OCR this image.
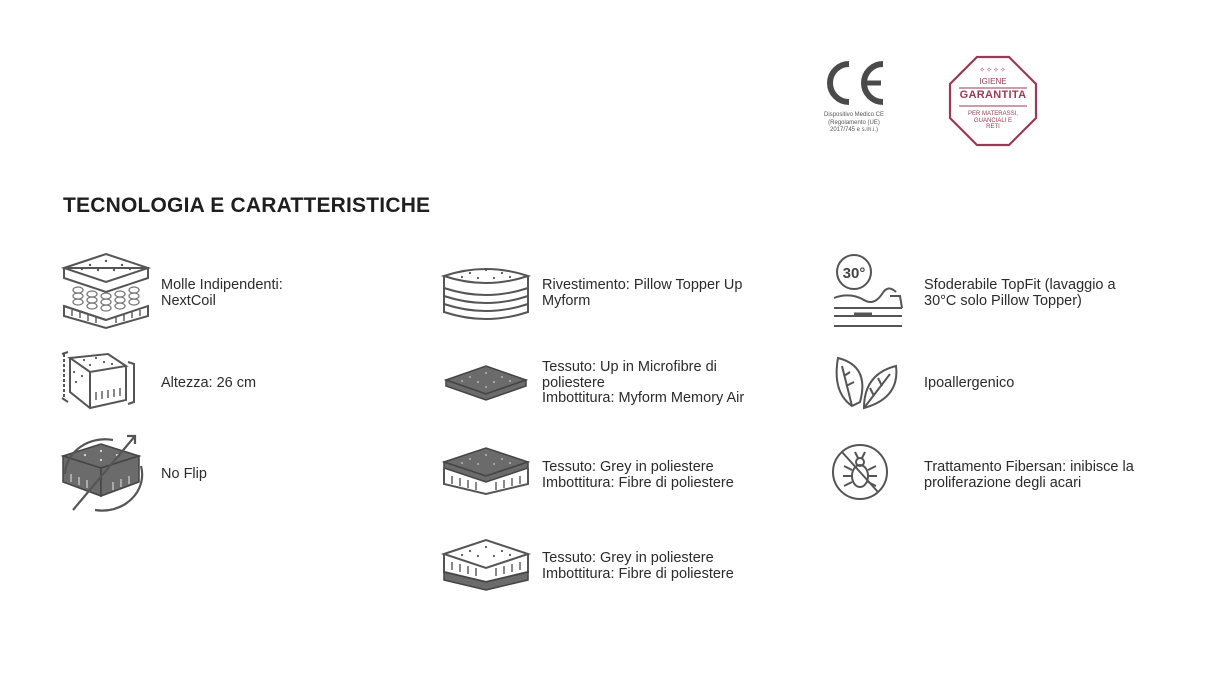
Dispositivo Medico CE
(Regolamento (UE)
2017/745 e s.m.i.)
✧✧✧✧
IGIENE
GARANTITA
PER MATERASSI, GUANCIALI E RETI
TECNOLOGIA E CARATTERISTICHE
Molle Indipendenti:
NextCoil
Altezza: 26 cm
No Flip
Rivestimento: Pillow Topper Up
Myform
Tessuto: Up in Microfibre di
poliestere
Imbottitura: Myform Memory Air
Tessuto: Grey in poliestere
Imbottitura: Fibre di poliestere
Tessuto: Grey in poliestere
Imbottitura: Fibre di poliestere
30°
Sfoderabile TopFit (lavaggio a
30°C solo Pillow Topper)
Ipoallergenico
Trattamento Fibersan: inibisce la
proliferazione degli acari
